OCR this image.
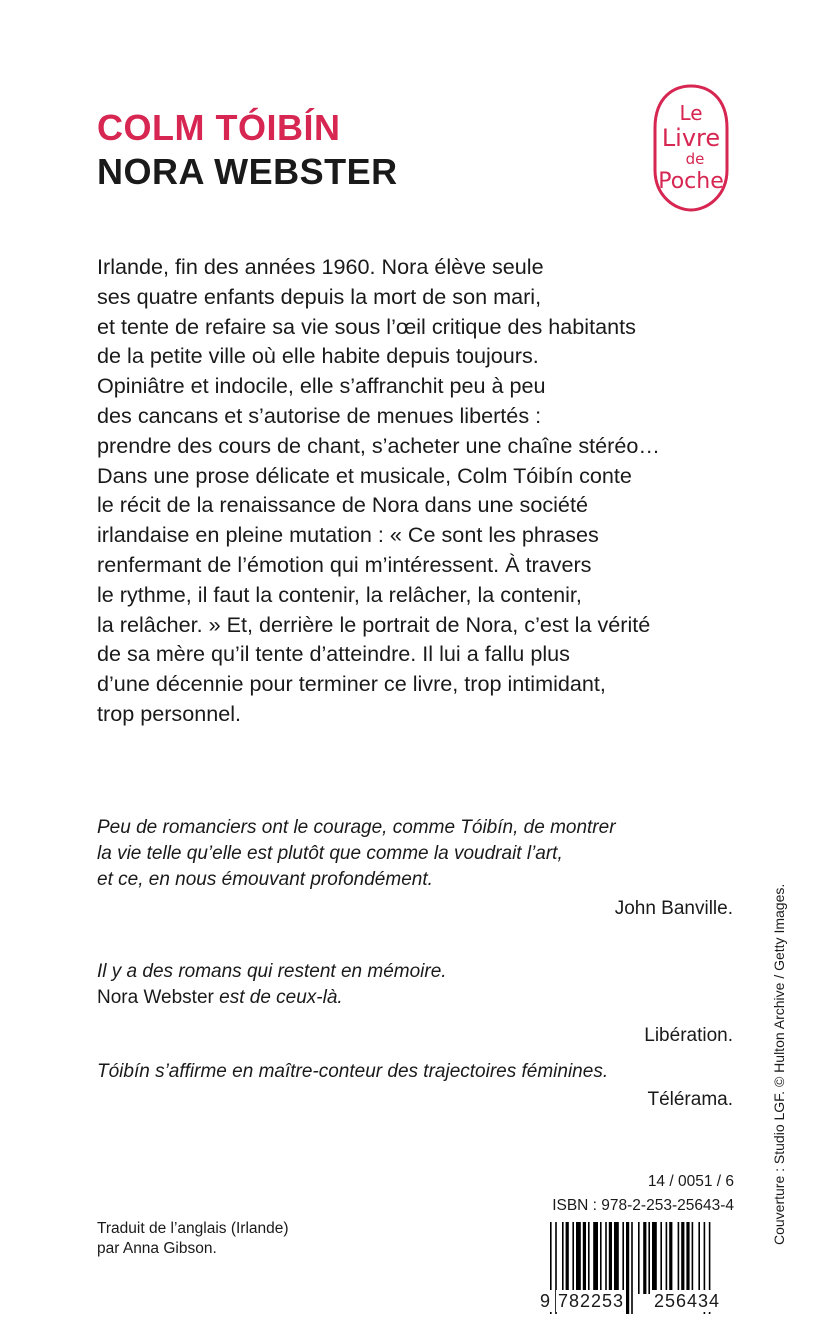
COLM TÓIBÍN
NORA WEBSTER
Le
Livre
de
Poche

Irlande, fin des années 1960. Nora élève seule
ses quatre enfants depuis la mort de son mari,
et tente de refaire sa vie sous l’œil critique des habitants
de la petite ville où elle habite depuis toujours.
Opiniâtre et indocile, elle s’affranchit peu à peu
des cancans et s’autorise de menues libertés :
prendre des cours de chant, s’acheter une chaîne stéréo…
Dans une prose délicate et musicale, Colm Tóibín conte
le récit de la renaissance de Nora dans une société
irlandaise en pleine mutation : « Ce sont les phrases
renfermant de l’émotion qui m’intéressent. À travers
le rythme, il faut la contenir, la relâcher, la contenir,
la relâcher. » Et, derrière le portrait de Nora, c’est la vérité
de sa mère qu’il tente d’atteindre. Il lui a fallu plus
d’une décennie pour terminer ce livre, trop intimidant,
trop personnel.

Peu de romanciers ont le courage, comme Tóibín, de montrer
la vie telle qu’elle est plutôt que comme la voudrait l’art,
et ce, en nous émouvant profondément.
John Banville.
Il y a des romans qui restent en mémoire.
Nora Webster est de ceux-là.
Libération.
Tóibín s’affirme en maître-conteur des trajectoires féminines.
Télérama.	Couverture : Studio LGF. © Hulton Archive / Getty Images.
14 / 0051 / 6
ISBN : 978-2-253-25643-4
Traduit de l’anglais (Irlande)
par Anna Gibson.
9 782253 256434
